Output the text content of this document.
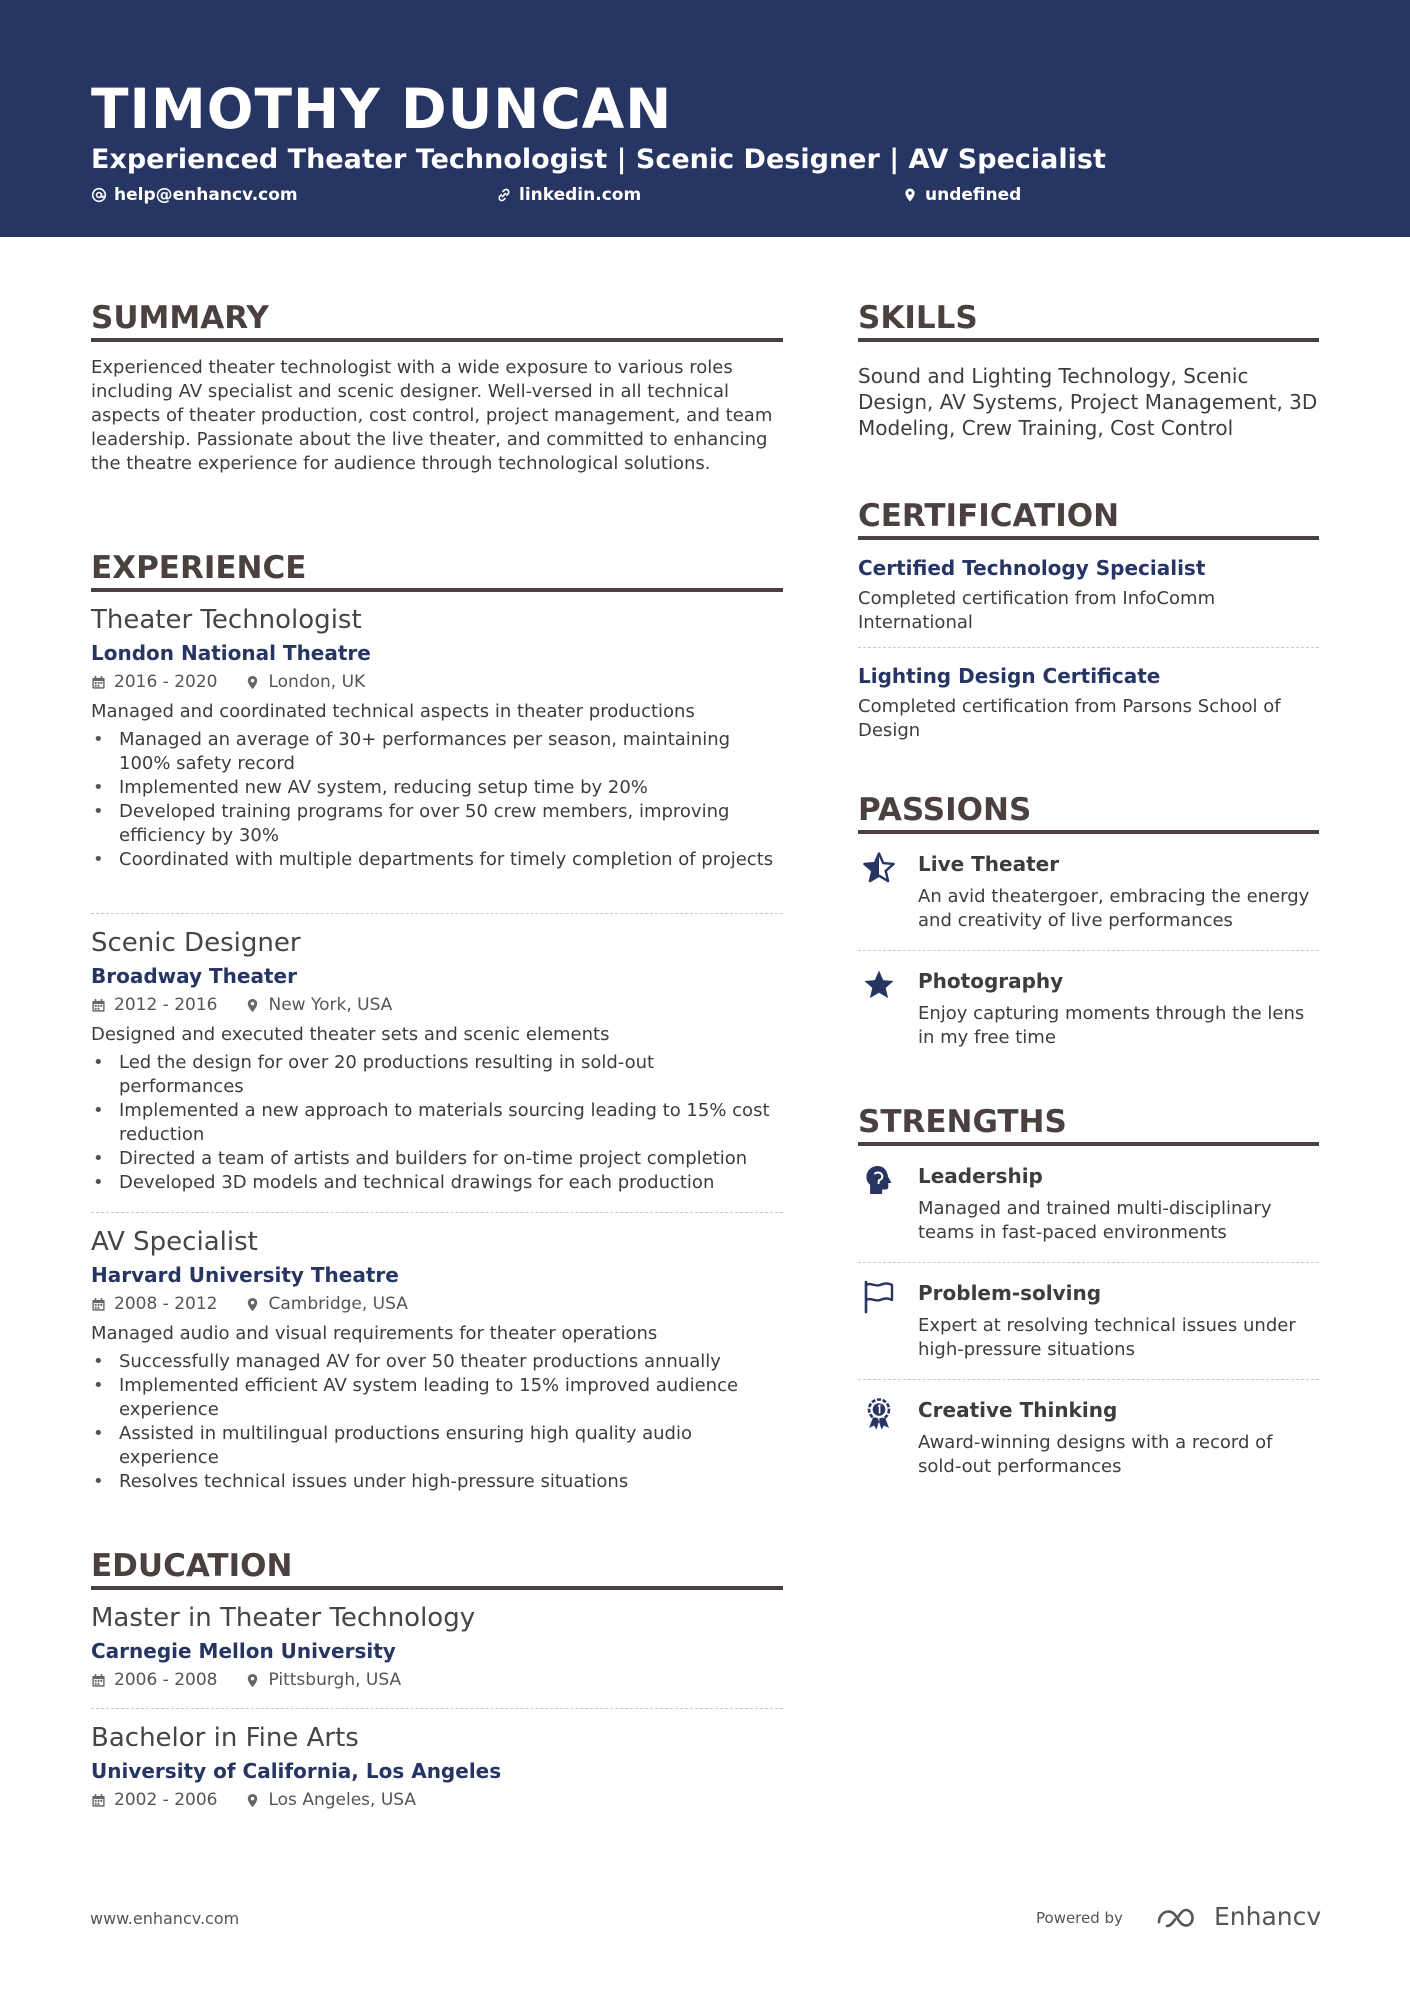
TIMOTHY DUNCAN
Experienced Theater Technologist | Scenic Designer | AV Specialist
help@enhancv.com	linkedin.com	undefined
SUMMARY

Experienced theater technologist with a wide exposure to various roles including AV specialist and scenic designer. Well-versed in all technical aspects of theater production, cost control, project management, and team leadership. Passionate about the live theater, and committed to enhancing the theatre experience for audience through technological solutions.

EXPERIENCE

Theater Technologist

London National Theatre

2016 - 2020	London, UK

Managed and coordinated technical aspects in theater productions

• Managed an average of 30+ performances per season, maintaining 100% safety record
• Implemented new AV system, reducing setup time by 20%
• Developed training programs for over 50 crew members, improving efficiency by 30%
• Coordinated with multiple departments for timely completion of projects

Scenic Designer

Broadway Theater

2012 - 2016	New York, USA

Designed and executed theater sets and scenic elements

• Led the design for over 20 productions resulting in sold-out performances
• Implemented a new approach to materials sourcing leading to 15% cost reduction
• Directed a team of artists and builders for on-time project completion
• Developed 3D models and technical drawings for each production

AV Specialist

Harvard University Theatre

2008 - 2012	Cambridge, USA

Managed audio and visual requirements for theater operations

• Successfully managed AV for over 50 theater productions annually
• Implemented efficient AV system leading to 15% improved audience experience
• Assisted in multilingual productions ensuring high quality audio experience
• Resolves technical issues under high-pressure situations
EDUCATION

Master in Theater Technology

Carnegie Mellon University

2006 - 2008	Pittsburgh, USA

Bachelor in Fine Arts

University of California, Los Angeles

2002 - 2006	Los Angeles, USA
SKILLS

Sound and Lighting Technology, Scenic Design, AV Systems, Project Management, 3D Modeling, Crew Training, Cost Control

CERTIFICATION

Certified Technology Specialist

Completed certification from InfoComm International

Lighting Design Certificate

Completed certification from Parsons School of Design

PASSIONS
Live Theater

An avid theatergoer, embracing the energy and creativity of live performances

Photography

Enjoy capturing moments through the lens in my free time

STRENGTHS
Leadership

Managed and trained multi-disciplinary teams in fast-paced environments

Problem-solving

Expert at resolving technical issues under high-pressure situations

Creative Thinking

Award-winning designs with a record of sold-out performances

www.enhancv.com	Powered by	Enhancv
